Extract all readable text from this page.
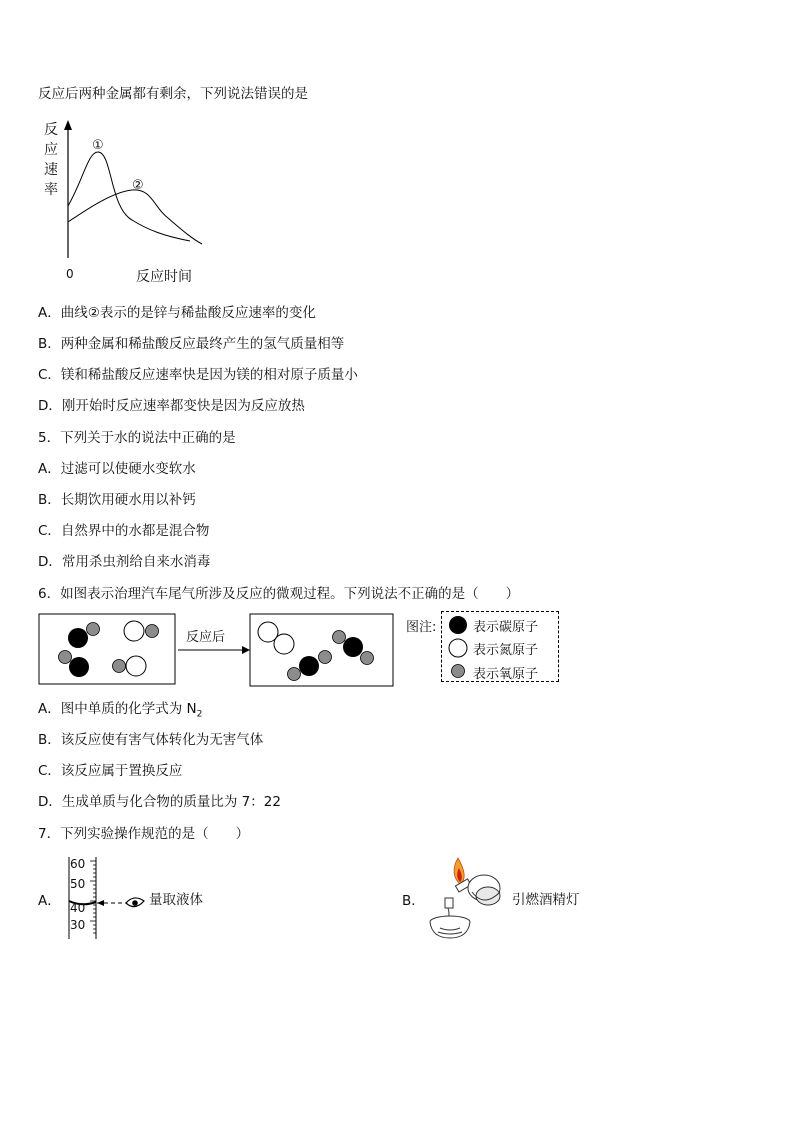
反应后两种金属都有剩余，下列说法错误的是
反
应
速
率
①
②
0	反应时间
A．曲线②表示的是锌与稀盐酸反应速率的变化
B．两种金属和稀盐酸反应最终产生的氢气质量相等
C．镁和稀盐酸反应速率快是因为镁的相对原子质量小
D．刚开始时反应速率都变快是因为反应放热
5．下列关于水的说法中正确的是
A．过滤可以使硬水变软水
B．长期饮用硬水用以补钙
C．自然界中的水都是混合物
D．常用杀虫剂给自来水消毒
6．如图表示治理汽车尾气所涉及反应的微观过程。下列说法不正确的是（　　）
反应后
图注:	表示碳原子
表示氮原子
表示氧原子
A．图中单质的化学式为 $N_2$
B．该反应使有害气体转化为无害气体
C．该反应属于置换反应
D．生成单质与化合物的质量比为 7：22
7．下列实验操作规范的是（　　）
A．
60
50
40
30
量取液体	B．	引燃酒精灯
